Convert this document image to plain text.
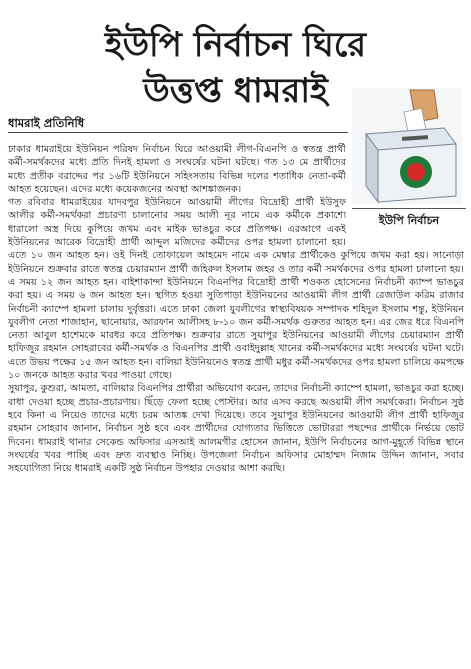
ইউপি নির্বাচন ঘিরে
উত্তপ্ত ধামরাই
ধামরাই প্রতিনিধি
ইউপি নির্বাচন

ঢাকার ধামরাইয়ে ইউনিয়ন পরিষদ নির্বাচন ঘিরে আওয়ামী লীগ-বিএনপি ও স্বতন্ত্র প্রার্থী কর্মী-সমর্থকদের মধ্যে প্রতি দিনই হামলা ও সংঘর্ষের ঘটনা ঘটছে। গত ১৩ মে প্রার্থীদের মধ্যে প্রতীক বরাদ্দের পর ১৬টি ইউনিয়নে সহিংসতায় বিভিন্ন দলের শতাধিক নেতা-কর্মী আহত হয়েছেন। এদের মধ্যে কয়েকজনের অবস্থা আশঙ্কাজনক।

গত রবিবার ধামরাইয়ের যাদবপুর ইউনিয়নে আওয়ামী লীগের বিদ্রোহী প্রার্থী ইউসুফ আলীর কর্মী-সমর্থকরা প্রচারণা চালানোর সময় আলী নূর নামে এক কর্মীকে প্রকাশ্যে ধারালো অস্ত্র দিয়ে কুপিয়ে জখম এবং মাইক ভাঙচুর করে প্রতিপক্ষ। এরআগে একই ইউনিয়নের আরেক বিদ্রোহী প্রার্থী আব্দুল মজিদের কর্মীদের ওপর হামলা চালানো হয়। এতে ১০ জন আহত হন। ওই দিনই তোফায়েল আহমেদ নামে এক মেম্বার প্রার্থীকেও কুপিয়ে জখম করা হয়। সানোড়া ইউনিয়নে শুক্রবার রাতে স্বতন্ত্র চেয়ারম্যান প্রার্থী জহিরুল ইসলাম জহর ও তার কর্মী সমর্থকদের ওপর হামলা চালানো হয়। এ সময় ১২ জন আহত হন। বাইশাকান্দা ইউনিয়নে বিএনপির বিদ্রোহী প্রার্থী শওকত হোসেনের নির্বাচনী ক্যাম্প ভাঙচুর করা হয়। এ সময় ৬ জন আহত হন। স্থগিত হওয়া সুতিপাড়া ইউনিয়নের আওয়ামী লীগ প্রার্থী রেজাউল করিম রাজার নির্বাচনী ক্যাম্পে হামলা চালায় দুর্বৃত্তরা। এতে ঢাকা জেলা যুবলীগের স্বাস্থ্যবিষয়ক সম্পাদক শহিদুল ইসলাম শন্তু, ইউনিয়ন যুবলীগ নেতা শাজাহান, ছানোয়ার, আরফান আলীসহ ৮-১০ জন কর্মী-সমর্থক গুরুতর আহত হন। এর জের ধরে বিএনপি নেতা আবুল হাশেমকে মারধর করে প্রতিপক্ষ। শুক্রবার রাতে সুয়াপুর ইউনিয়নের আওয়ামী লীগের চেয়ারম্যান প্রার্থী হাফিজুর রহমান সোহরাবের কর্মী-সমর্থক ও বিএনপির প্রার্থী ওবাইদুল্লাহ খানের কর্মী-সমর্থকদের মধ্যে সংঘর্ষের ঘটনা ঘটে। এতে উভয় পক্ষের ১৫ জন আহত হন। বালিয়া ইউনিয়নেও স্বতন্ত্র প্রার্থী মধুর কর্মী-সমর্থকদের ওপর হামলা চালিয়ে কমপক্ষে ১০ জনকে আহত করার খবর পাওয়া গেছে।

সুয়াপুর, কুশুরা, আমতা, বালিয়ার বিএনপির প্রার্থীরা অভিযোগ করেন, তাদের নির্বাচনী ক্যাম্পে হামলা, ভাঙচুর করা হচ্ছে। বাধা দেওয়া হচ্ছে প্রচার-প্রচারণায়। ছিঁড়ে ফেলা হচ্ছে পোস্টার। আর এসব করছে অওয়ামী লীগ সমর্থকেরা। নির্বাচন সুষ্ঠ হবে কিনা এ নিয়েও তাদের মধ্যে চরম আতঙ্ক দেখা দিয়েছে। তবে সুয়াপুর ইউনিয়নের আওয়ামী লীগ প্রার্থী হাফিজুর রহমান সোহরাব জানান, নির্বাচন সুষ্ঠ হবে এবং প্রার্থীদের যোগ্যতার ভিত্তিতে ভোটাররা পছন্দের প্রার্থীকে নির্ভয়ে ভোট দিবেন। ধামরাই থানার সেকেন্ড অফিসার এসআই আলমগীর হোসেন জানান, ইউপি নির্বাচনের আগ-মুহূর্তে বিভিন্ন স্থানে সংঘর্ষের খবর পাচ্ছি এবং দ্রুত ব্যবস্থাও নিচ্ছি। উপজেলা নির্বাচন অফিসার মোহাম্মদ নিজাম উদ্দিন জানান, সবার সহযোগিতা নিয়ে ধামরাই একটি সুষ্ঠ নির্বাচন উপহার দেওয়ার আশা করছি।
